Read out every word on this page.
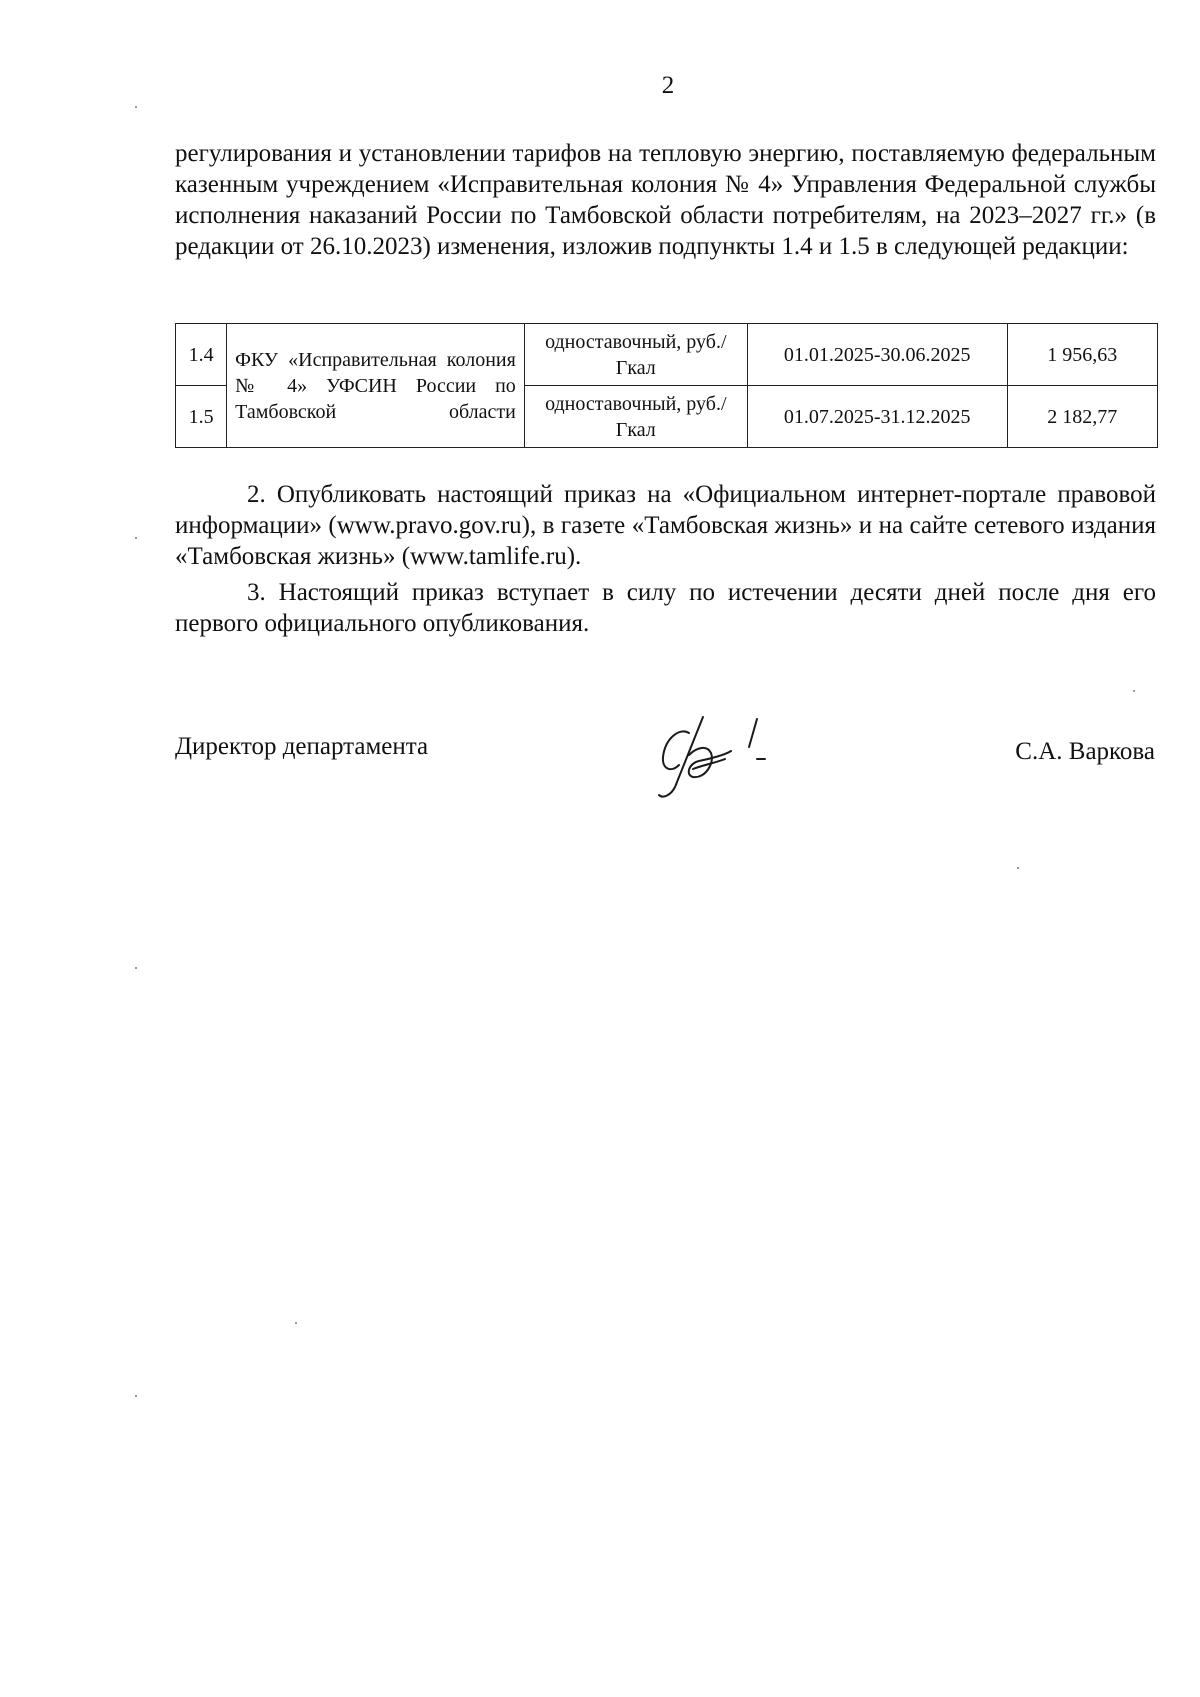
2
регулирования и установлении тарифов на тепловую энергию, поставляемую федеральным казенным учреждением «Исправительная колония № 4» Управления Федеральной службы исполнения наказаний России по Тамбовской области потребителям, на 2023–2027 гг.» (в редакции от 26.10.2023) изменения, изложив подпункты 1.4 и 1.5 в следующей редакции:
1.4	ФКУ «Исправительная колония № 4» УФСИН России по Тамбовской области	одноставочный, руб./Гкал	01.01.2025-30.06.2025	1 956,63
1.5		одноставочный, руб./Гкал	01.07.2025-31.12.2025	2 182,77
2. Опубликовать настоящий приказ на «Официальном интернет-портале правовой информации» (www.pravo.gov.ru), в газете «Тамбовская жизнь» и на сайте сетевого издания «Тамбовская жизнь» (www.tamlife.ru).
3. Настоящий приказ вступает в силу по истечении десяти дней после дня его первого официального опубликования.
Директор департамента	С.А. Варкова
